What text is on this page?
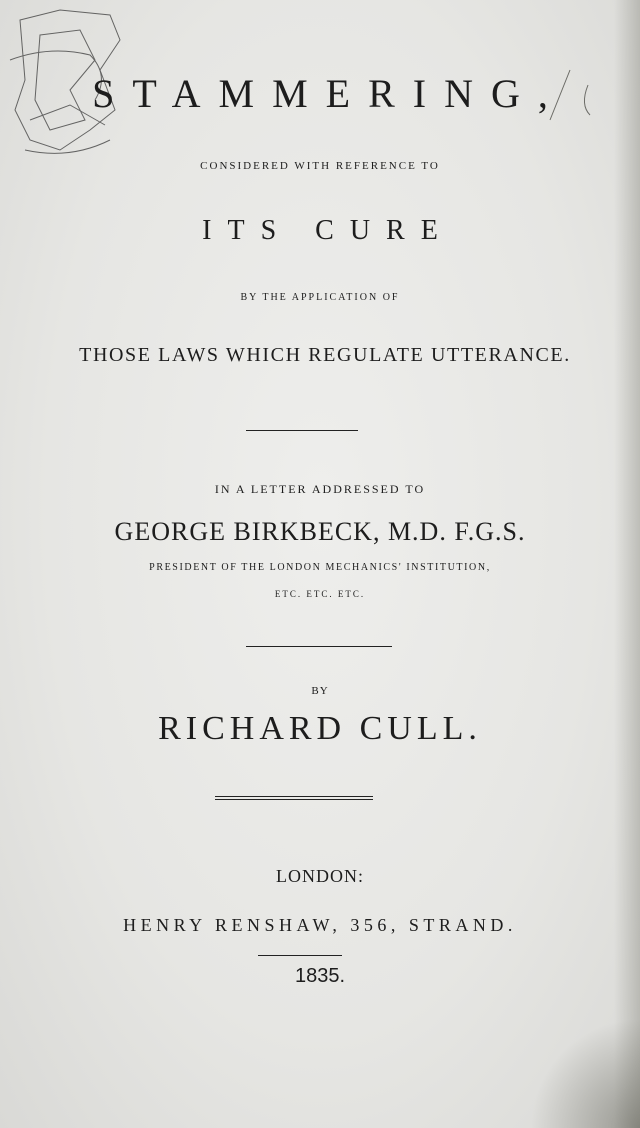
STAMMERING,
CONSIDERED WITH REFERENCE TO
ITS CURE
BY THE APPLICATION OF
THOSE LAWS WHICH REGULATE UTTERANCE.
IN A LETTER ADDRESSED TO
GEORGE BIRKBECK, M.D. F.G.S.
PRESIDENT OF THE LONDON MECHANICS' INSTITUTION,
ETC. ETC. ETC.
BY
RICHARD CULL.
LONDON:
HENRY RENSHAW, 356, STRAND.
1835.
